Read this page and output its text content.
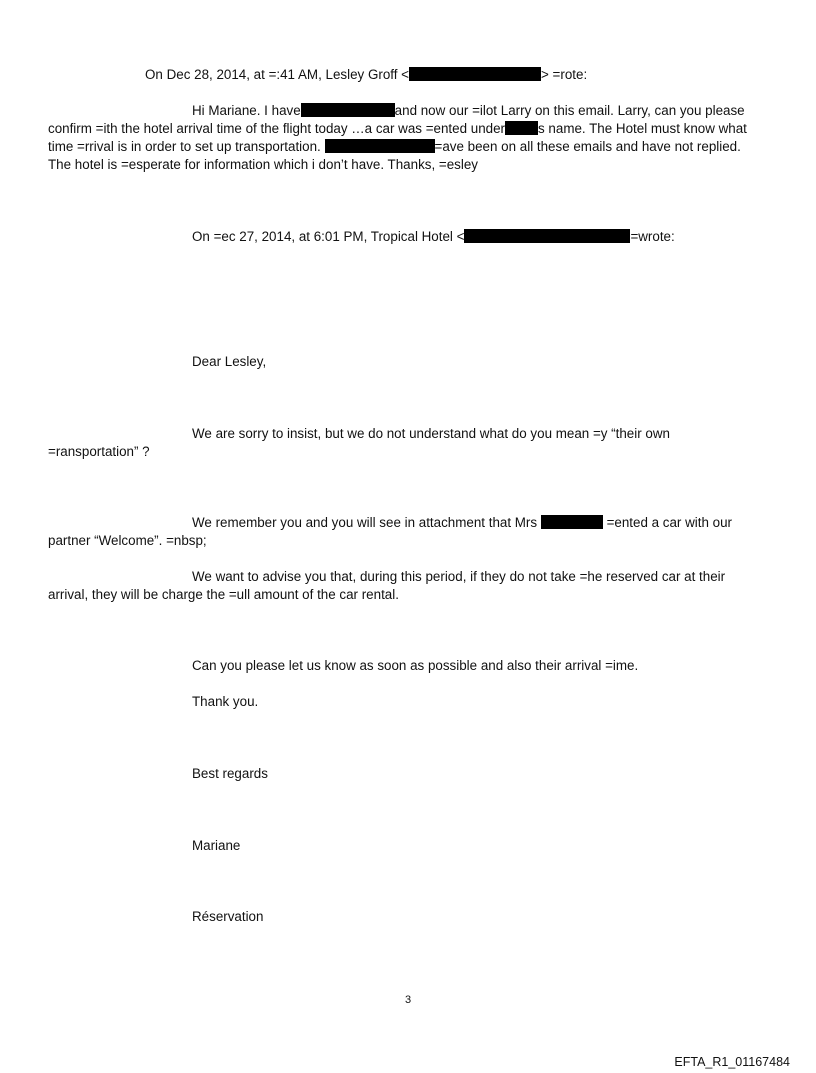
On Dec 28, 2014, at =:41 AM, Lesley Groff <	> =rote:
Hi Mariane. I have	and now our =ilot Larry on this email. Larry, can you please
confirm =ith the hotel arrival time of the flight today …a car was =ented under s name. The Hotel must know what
time =rrival is in order to set up transportation.	=ave been on all these emails and have not replied.
The hotel is =esperate for information which i don’t have. Thanks, =esley
On =ec 27, 2014, at 6:01 PM, Tropical Hotel <	=wrote:
Dear Lesley,
We are sorry to insist, but we do not understand what do you mean =y “their own
=ransportation” ?
We remember you and you will see in attachment that Mrs	=ented a car with our
partner “Welcome”. =nbsp;
We want to advise you that, during this period, if they do not take =he reserved car at their
arrival, they will be charge the =ull amount of the car rental.
Can you please let us know as soon as possible and also their arrival =ime.
Thank you.
Best regards
Mariane
Réservation
3
EFTA_R1_01167484
